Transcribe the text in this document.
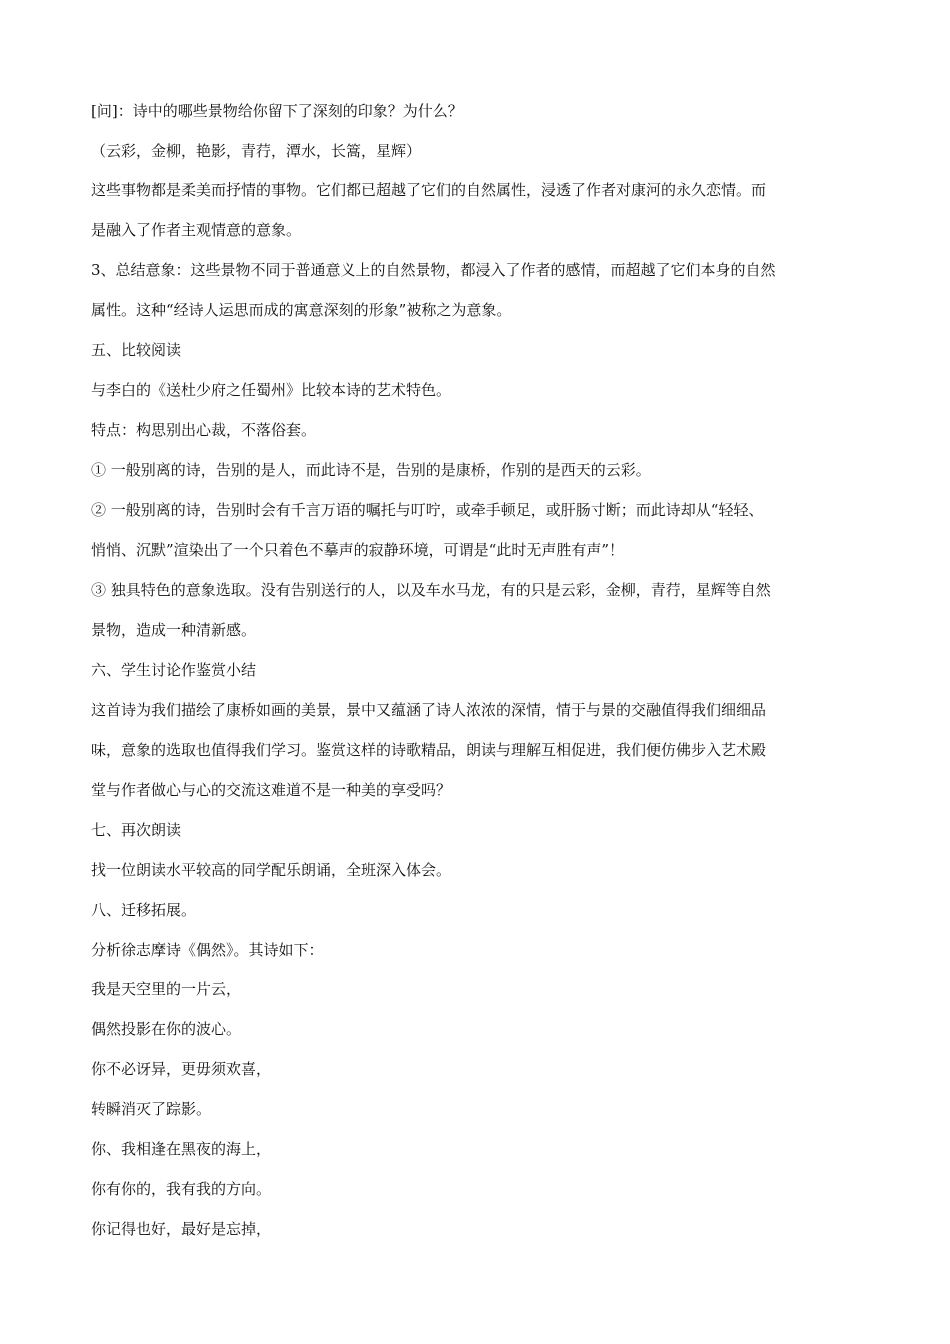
[问]：诗中的哪些景物给你留下了深刻的印象？为什么？
（云彩，金柳，艳影，青荇，潭水，长篙，星辉）
这些事物都是柔美而抒情的事物。它们都已超越了它们的自然属性，浸透了作者对康河的永久恋情。而
是融入了作者主观情意的意象。
3、总结意象：这些景物不同于普通意义上的自然景物，都浸入了作者的感情，而超越了它们本身的自然
属性。这种“经诗人运思而成的寓意深刻的形象”被称之为意象。
五、比较阅读
与李白的《送杜少府之任蜀州》比较本诗的艺术特色。
特点：构思别出心裁，不落俗套。
① 一般别离的诗，告别的是人，而此诗不是，告别的是康桥，作别的是西天的云彩。
② 一般别离的诗，告别时会有千言万语的嘱托与叮咛，或牵手顿足，或肝肠寸断；而此诗却从“轻轻、
悄悄、沉默”渲染出了一个只着色不摹声的寂静环境，可谓是“此时无声胜有声”！
③ 独具特色的意象选取。没有告别送行的人，以及车水马龙，有的只是云彩，金柳，青荇，星辉等自然
景物，造成一种清新感。
六、学生讨论作鉴赏小结
这首诗为我们描绘了康桥如画的美景，景中又蕴涵了诗人浓浓的深情，情于与景的交融值得我们细细品
味，意象的选取也值得我们学习。鉴赏这样的诗歌精品，朗读与理解互相促进，我们便仿佛步入艺术殿
堂与作者做心与心的交流这难道不是一种美的享受吗？
七、再次朗读
找一位朗读水平较高的同学配乐朗诵，全班深入体会。
八、迁移拓展。
分析徐志摩诗《偶然》。其诗如下：
我是天空里的一片云，
偶然投影在你的波心。
你不必讶异，更毋须欢喜，
转瞬消灭了踪影。
你、我相逢在黑夜的海上，
你有你的，我有我的方向。
你记得也好，最好是忘掉，
